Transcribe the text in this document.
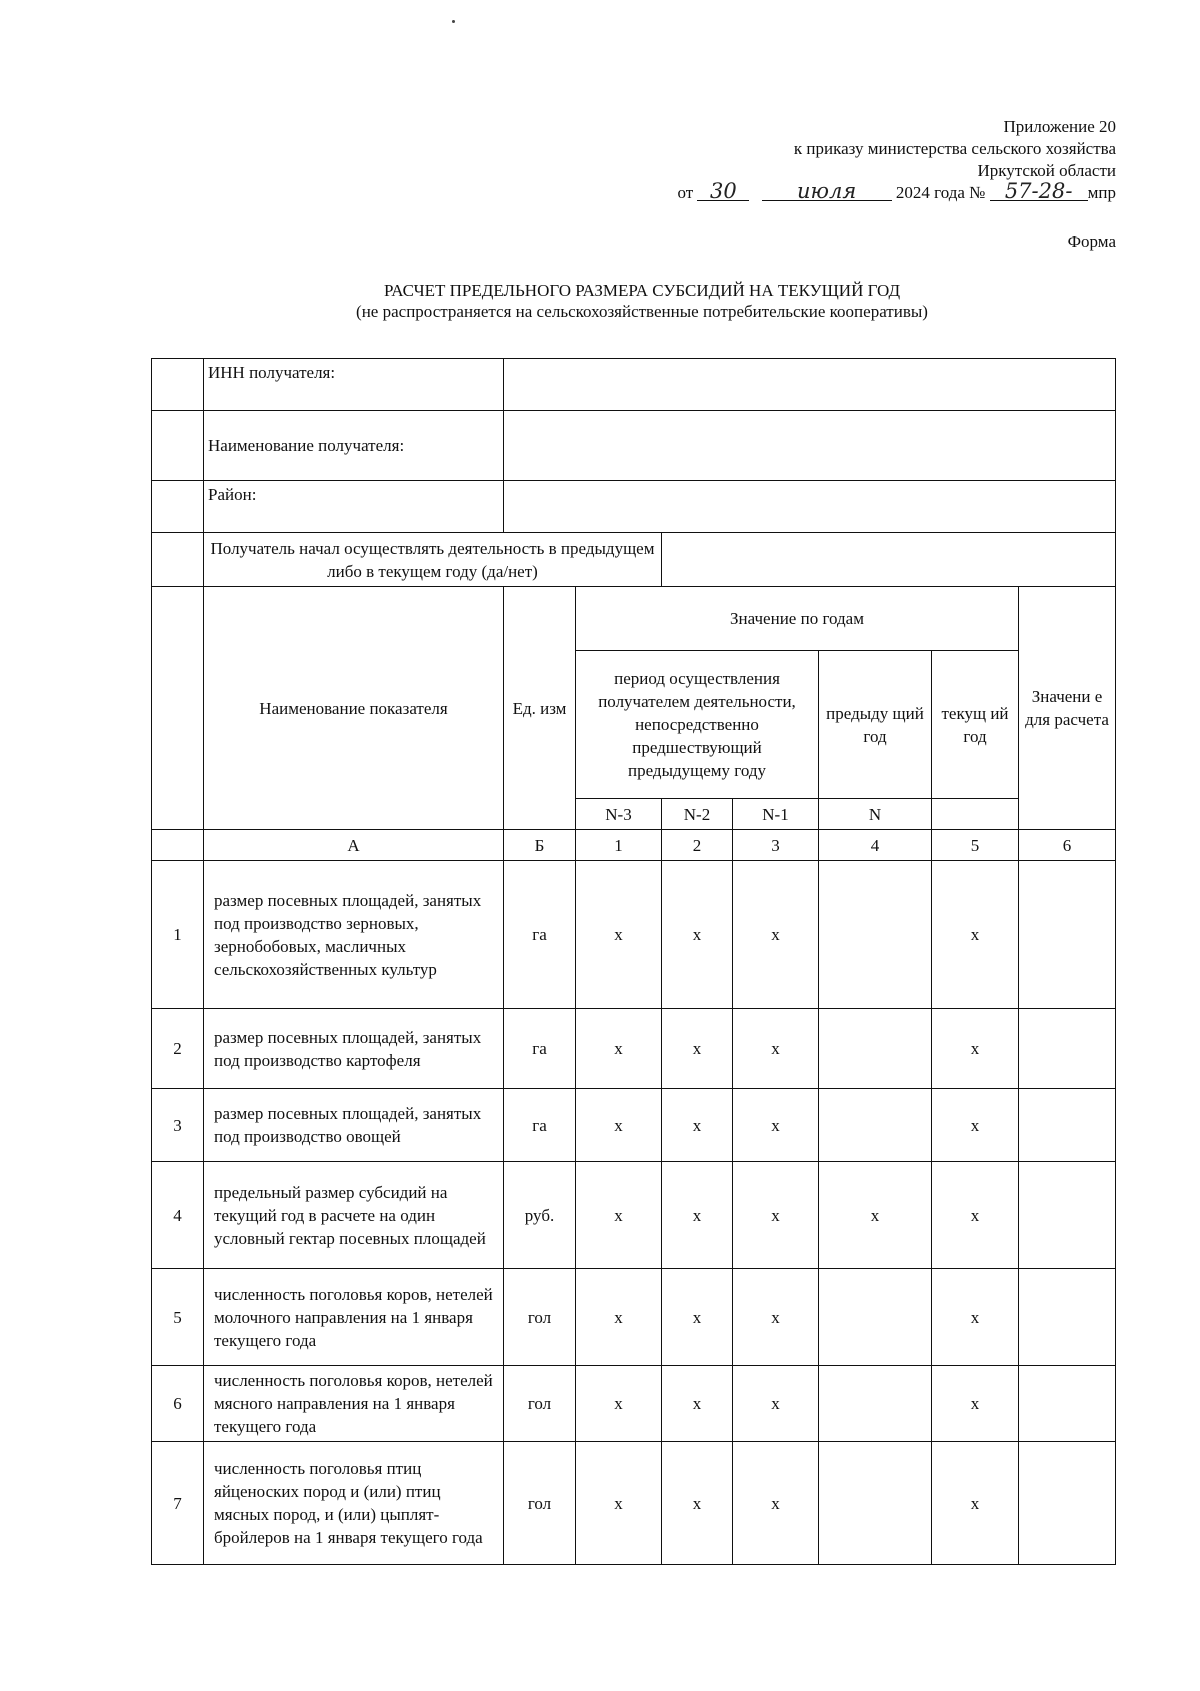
Приложение 20
к приказу министерства сельского хозяйства
Иркутской области
от 30	июля 2024 года № 57-28- мпр
Форма
РАСЧЕТ ПРЕДЕЛЬНОГО РАЗМЕРА СУБСИДИЙ НА ТЕКУЩИЙ ГОД
(не распространяется на сельскохозяйственные потребительские кооперативы)
	ИНН получателя:							
	Наименование получателя:							
	Район:							
	Получатель начал осуществлять деятельность в предыдущем либо в текущем году (да/нет)							
	Наименование показателя	Ед. изм	Значение по годам					Значени е для расчета
			период осуществления получателем деятельности, непосредственно предшествующий предыдущему году			предыду щий год	текущ ий год	
			N-3	N-2	N-1	N		
	А	Б	1	2	3	4	5	6
1	размер посевных площадей, занятых под производство зерновых, зернобобовых, масличных сельскохозяйственных культур	га	x	x	x		x	
2	размер посевных площадей, занятых под производство картофеля	га	x	x	x		x	
3	размер посевных площадей, занятых под производство овощей	га	x	x	x		x	
4	предельный размер субсидий на текущий год в расчете на один условный гектар посевных площадей	руб.	x	x	x	x	x	
5	численность поголовья коров, нетелей молочного направления на 1 января текущего года	гол	x	x	x		x	
6	численность поголовья коров, нетелей мясного направления на 1 января текущего года	гол	x	x	x		x	
7	численность поголовья птиц яйценоских пород и (или) птиц мясных пород, и (или) цыплят-бройлеров на 1 января текущего года	гол	x	x	x		x	
